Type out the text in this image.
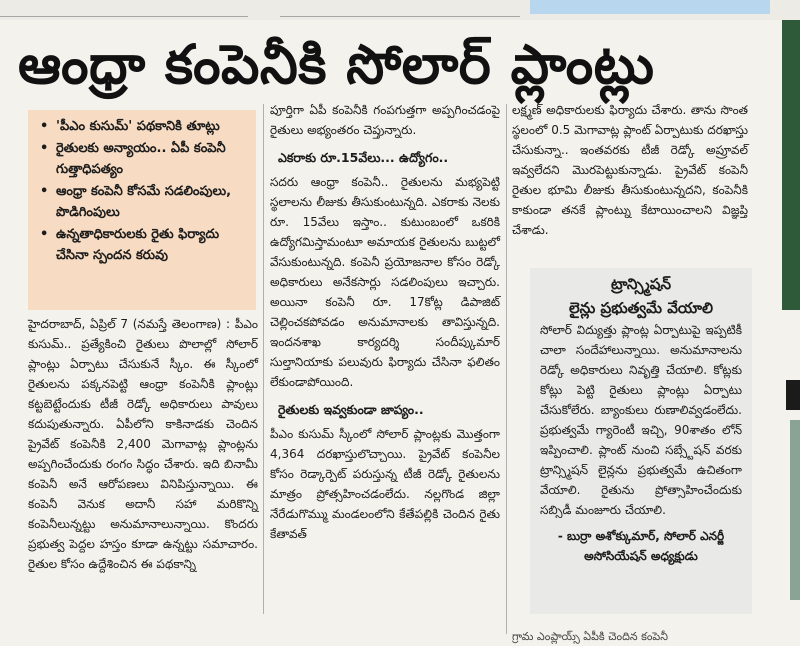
ఆంధ్రా కంపెనీకి సోలార్ ప్లాంట్లు
• 'పీఎం కుసుమ్' పథకానికి తూట్లు
• రైతులకు అన్యాయం.. ఏపీ కంపెనీ గుత్తాధిపత్యం
• ఆంధ్రా కంపెనీ కోసమే సడలింపులు, పొడిగింపులు
• ఉన్నతాధికారులకు రైతు ఫిర్యాదు చేసినా స్పందన కరువు

హైదరాబాద్, ఏప్రిల్ 7 (నమస్తే తెలంగాణ) : పీఎం కుసుమ్.. ప్రత్యేకించి రైతులు పొలాల్లో సోలార్ ప్లాంట్లు ఏర్పాటు చేసుకునే స్కీం. ఈ స్కీంలో రైతులను పక్కనపెట్టి ఆంధ్రా కంపెనీకి ప్లాంట్లు కట్టబెట్టేందుకు టీజీ రెడ్కో అధికారులు పావులు కదుపుతున్నారు. ఏపీలోని కాకినాడకు చెందిన ప్రైవేట్ కంపెనీకి 2,400 మెగావాట్ల ప్లాంట్లను అప్పగించేందుకు రంగం సిద్ధం చేశారు. ఇది బినామీ కంపెనీ అనే ఆరోపణలు వినిపిస్తున్నాయి. ఈ కంపెనీ వెనుక అదానీ సహా మరికొన్ని కంపెనీలున్నట్టు అనుమానాలున్నాయి. కొందరు ప్రభుత్వ పెద్దల హస్తం కూడా ఉన్నట్టు సమాచారం. రైతుల కోసం ఉద్దేశించిన ఈ పథకాన్ని

పూర్తిగా ఏపీ కంపెనీకి గంపగుత్తగా అప్పగించడంపై రైతులు అభ్యంతరం చెప్తున్నారు.

ఎకరాకు రూ.15వేలు... ఉద్యోగం..

సదరు ఆంధ్రా కంపెనీ.. రైతులను మభ్యపెట్టి స్థలాలను లీజుకు తీసుకుంటున్నది. ఎకరాకు నెలకు రూ. 15వేలు ఇస్తాం.. కుటుంబంలో ఒకరికి ఉద్యోగమిస్తామంటూ అమాయక రైతులను బుట్టలో వేసుకుంటున్నది. కంపెనీ ప్రయోజనాల కోసం రెడ్కో అధికారులు అనేకసార్లు సడలింపులు ఇచ్చారు. అయినా కంపెనీ రూ. 17కోట్ల డిపాజిట్ చెల్లించకపోవడం అనుమానాలకు తావిస్తున్నది. ఇందనశాఖ కార్యదర్శి సందీప్కుమార్ సుల్తానియాకు పలువురు ఫిర్యాదు చేసినా ఫలితం లేకుండాపోయింది.

రైతులకు ఇవ్వకుండా జాప్యం..

పీఎం కుసుమ్ స్కీంలో సోలార్ ప్లాంట్లకు మొత్తంగా 4,364 దరఖాస్తులొచ్చాయి. ప్రైవేట్ కంపెనీల కోసం రెడ్కార్పెట్ పరుస్తున్న టీజీ రెడ్కో రైతులను మాత్రం ప్రోత్సహించడంలేదు. నల్లగొండ జిల్లా నేరేడుగొమ్ము మండలంలోని కేతేపల్లికి చెందిన రైతు కేతావత్

లక్ష్మణ్ అధికారులకు ఫిర్యాదు చేశారు. తాను సొంత స్థలంలో 0.5 మెగావాట్ల ప్లాంట్ ఏర్పాటుకు దరఖాస్తు చేసుకున్నా.. ఇంతవరకు టీజీ రెడ్కో అప్రూవల్ ఇవ్వలేదని మొరపెట్టుకున్నాడు. ప్రైవేట్ కంపెనీ రైతుల భూమి లీజుకు తీసుకుంటున్నదని, కంపెనీకి కాకుండా తనకే ప్లాంట్ను కేటాయించాలని విజ్ఞప్తి చేశాడు.

ట్రాన్స్మిషన్
లైన్లు ప్రభుత్వమే వేయాలి
సోలార్ విద్యుత్తు ప్లాంట్ల ఏర్పాటుపై ఇప్పటికీ చాలా సందేహాలున్నాయి. అనుమానాలను రెడ్కో అధికారులు నివృత్తి చేయాలి. కోట్లకు కోట్లు పెట్టి రైతులు ప్లాంట్లు ఏర్పాటు చేసుకోలేరు. బ్యాంకులు రుణాలివ్వడంలేదు. ప్రభుత్వమే గ్యారెంటీ ఇచ్చి, 90శాతం లోన్ ఇప్పించాలి. ప్లాంట్ నుంచి సబ్స్టేషన్ వరకు ట్రాన్స్మిషన్ లైన్లను ప్రభుత్వమే ఉచితంగా వేయాలి. రైతును ప్రోత్సాహించేందుకు సబ్సిడీ మంజూరు చేయాలి.
- బుర్రా అశోక్కుమార్, సోలార్ ఎనర్జీ అసోసియేషన్ అధ్యక్షుడు
గ్రామ ఎంప్లాయ్స్ ఏపీకి చెందిన కంపెనీ
